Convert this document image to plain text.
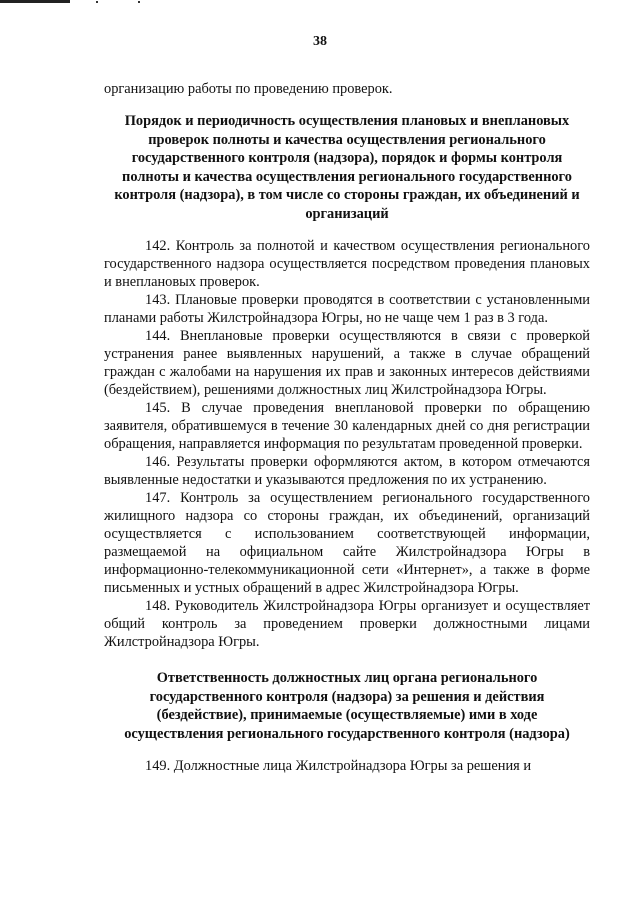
38

организацию работы по проведению проверок.

Порядок и периодичность осуществления плановых и внеплановых проверок полноты и качества осуществления регионального государственного контроля (надзора), порядок и формы контроля полноты и качества осуществления регионального государственного контроля (надзора), в том числе со стороны граждан, их объединений и организаций

142. Контроль за полнотой и качеством осуществления регионального государственного надзора осуществляется посредством проведения плановых и внеплановых проверок.

143. Плановые проверки проводятся в соответствии с установленными планами работы Жилстройнадзора Югры, но не чаще чем 1 раз в 3 года.

144. Внеплановые проверки осуществляются в связи с проверкой устранения ранее выявленных нарушений, а также в случае обращений граждан с жалобами на нарушения их прав и законных интересов действиями (бездействием), решениями должностных лиц Жилстройнадзора Югры.

145. В случае проведения внеплановой проверки по обращению заявителя, обратившемуся в течение 30 календарных дней со дня регистрации обращения, направляется информация по результатам проведенной проверки.

146. Результаты проверки оформляются актом, в котором отмечаются выявленные недостатки и указываются предложения по их устранению.

147. Контроль за осуществлением регионального государственного жилищного надзора со стороны граждан, их объединений, организаций осуществляется с использованием соответствующей информации, размещаемой на официальном сайте Жилстройнадзора Югры в информационно-телекоммуникационной сети «Интернет», а также в форме письменных и устных обращений в адрес Жилстройнадзора Югры.

148. Руководитель Жилстройнадзора Югры организует и осуществляет общий контроль за проведением проверки должностными лицами Жилстройнадзора Югры.

Ответственность должностных лиц органа регионального государственного контроля (надзора) за решения и действия (бездействие), принимаемые (осуществляемые) ими в ходе осуществления регионального государственного контроля (надзора)

149. Должностные лица Жилстройнадзора Югры за решения и
